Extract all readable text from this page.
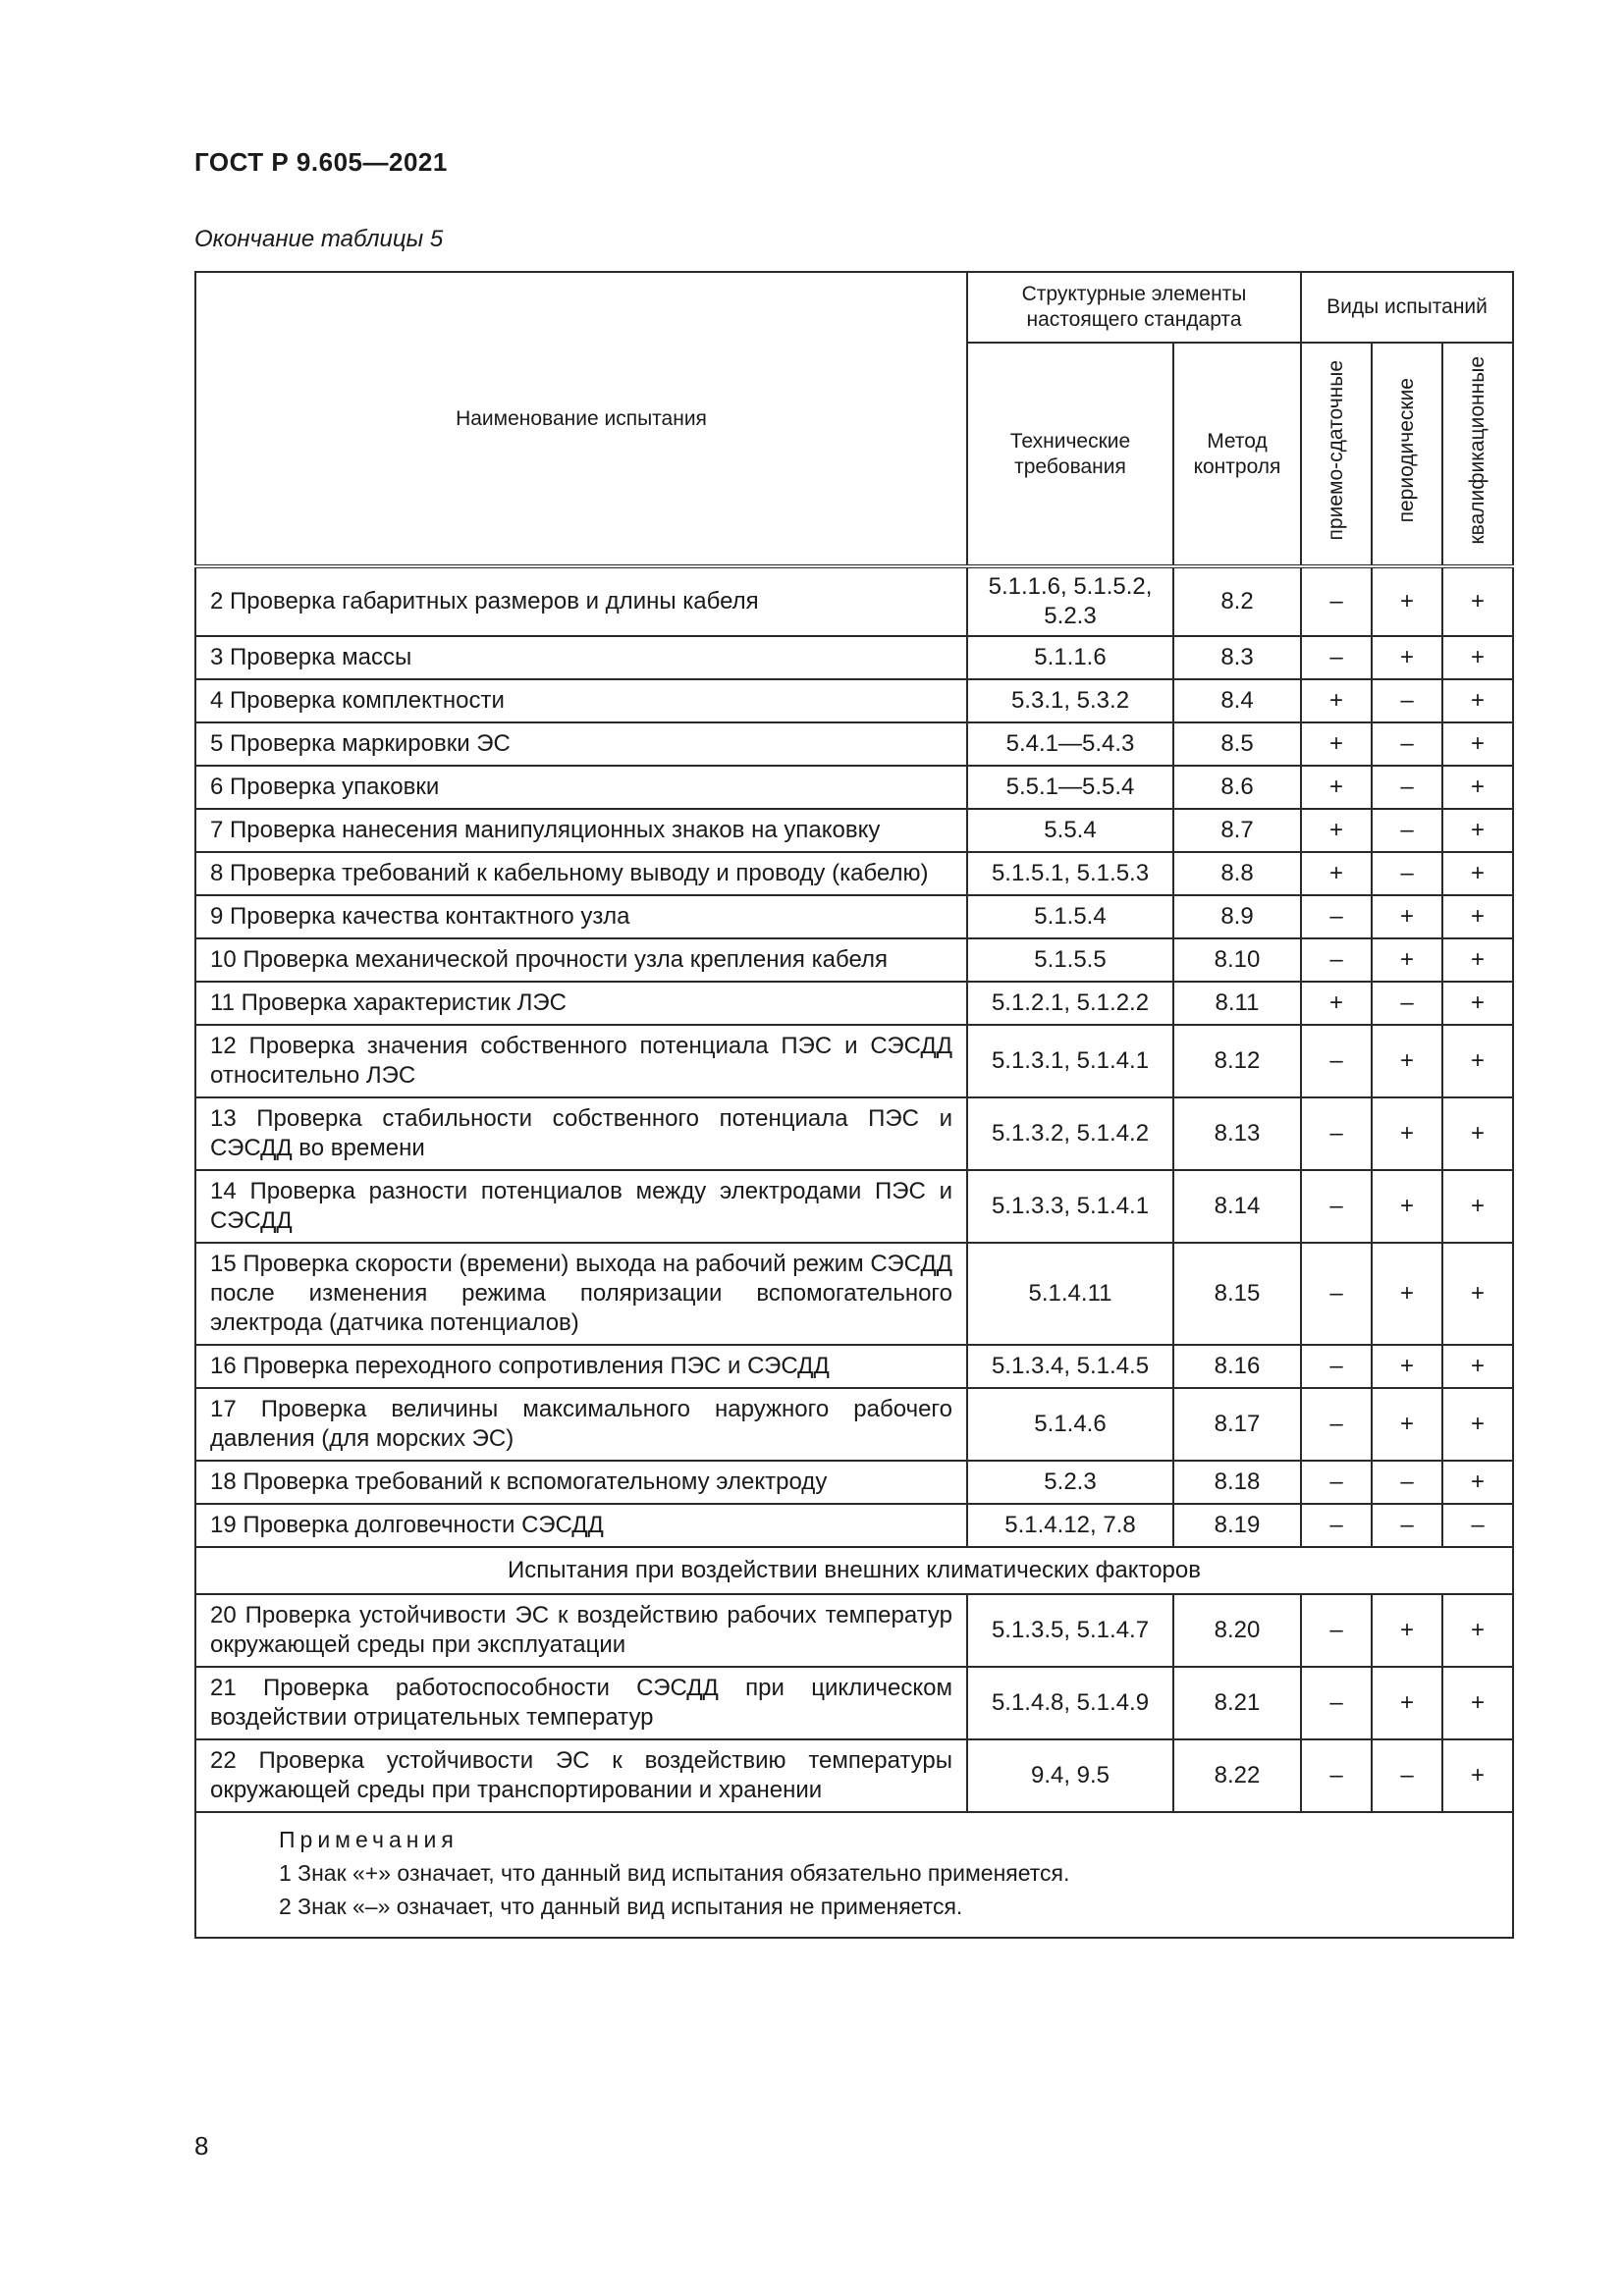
ГОСТ Р 9.605—2021
Окончание таблицы 5
Наименование испытания	Структурные элементы настоящего стандарта		Виды испытаний		
	Технические требования	Метод контроля	приемо-сдаточные	периодические	квалификационные
2 Проверка габаритных размеров и длины кабеля	5.1.1.6, 5.1.5.2, 5.2.3	8.2	–	+	+
3 Проверка массы	5.1.1.6	8.3	–	+	+
4 Проверка комплектности	5.3.1, 5.3.2	8.4	+	–	+
5 Проверка маркировки ЭС	5.4.1—5.4.3	8.5	+	–	+
6 Проверка упаковки	5.5.1—5.5.4	8.6	+	–	+
7 Проверка нанесения манипуляционных знаков на упаковку	5.5.4	8.7	+	–	+
8 Проверка требований к кабельному выводу и проводу (кабелю)	5.1.5.1, 5.1.5.3	8.8	+	–	+
9 Проверка качества контактного узла	5.1.5.4	8.9	–	+	+
10 Проверка механической прочности узла крепления кабеля	5.1.5.5	8.10	–	+	+
11 Проверка характеристик ЛЭС	5.1.2.1, 5.1.2.2	8.11	+	–	+
12 Проверка значения собственного потенциала ПЭС и СЭСДД относительно ЛЭС	5.1.3.1, 5.1.4.1	8.12	–	+	+
13 Проверка стабильности собственного потенциала ПЭС и СЭСДД во времени	5.1.3.2, 5.1.4.2	8.13	–	+	+
14 Проверка разности потенциалов между электродами ПЭС и СЭСДД	5.1.3.3, 5.1.4.1	8.14	–	+	+
15 Проверка скорости (времени) выхода на рабочий режим СЭСДД после изменения режима поляризации вспомогательного электрода (датчика потенциалов)	5.1.4.11	8.15	–	+	+
16 Проверка переходного сопротивления ПЭС и СЭСДД	5.1.3.4, 5.1.4.5	8.16	–	+	+
17 Проверка величины максимального наружного рабочего давления (для морских ЭС)	5.1.4.6	8.17	–	+	+
18 Проверка требований к вспомогательному электроду	5.2.3	8.18	–	–	+
19 Проверка долговечности СЭСДД	5.1.4.12, 7.8	8.19	–	–	–
Испытания при воздействии внешних климатических факторов					
20 Проверка устойчивости ЭС к воздействию рабочих температур окружающей среды при эксплуатации	5.1.3.5, 5.1.4.7	8.20	–	+	+
21 Проверка работоспособности СЭСДД при циклическом воздействии отрицательных температур	5.1.4.8, 5.1.4.9	8.21	–	+	+
22 Проверка устойчивости ЭС к воздействию температуры окружающей среды при транспортировании и хранении	9.4, 9.5	8.22	–	–	+

Примечания
1 Знак «+» означает, что данный вид испытания обязательно применяется.
2 Знак «–» означает, что данный вид испытания не применяется.					
8
